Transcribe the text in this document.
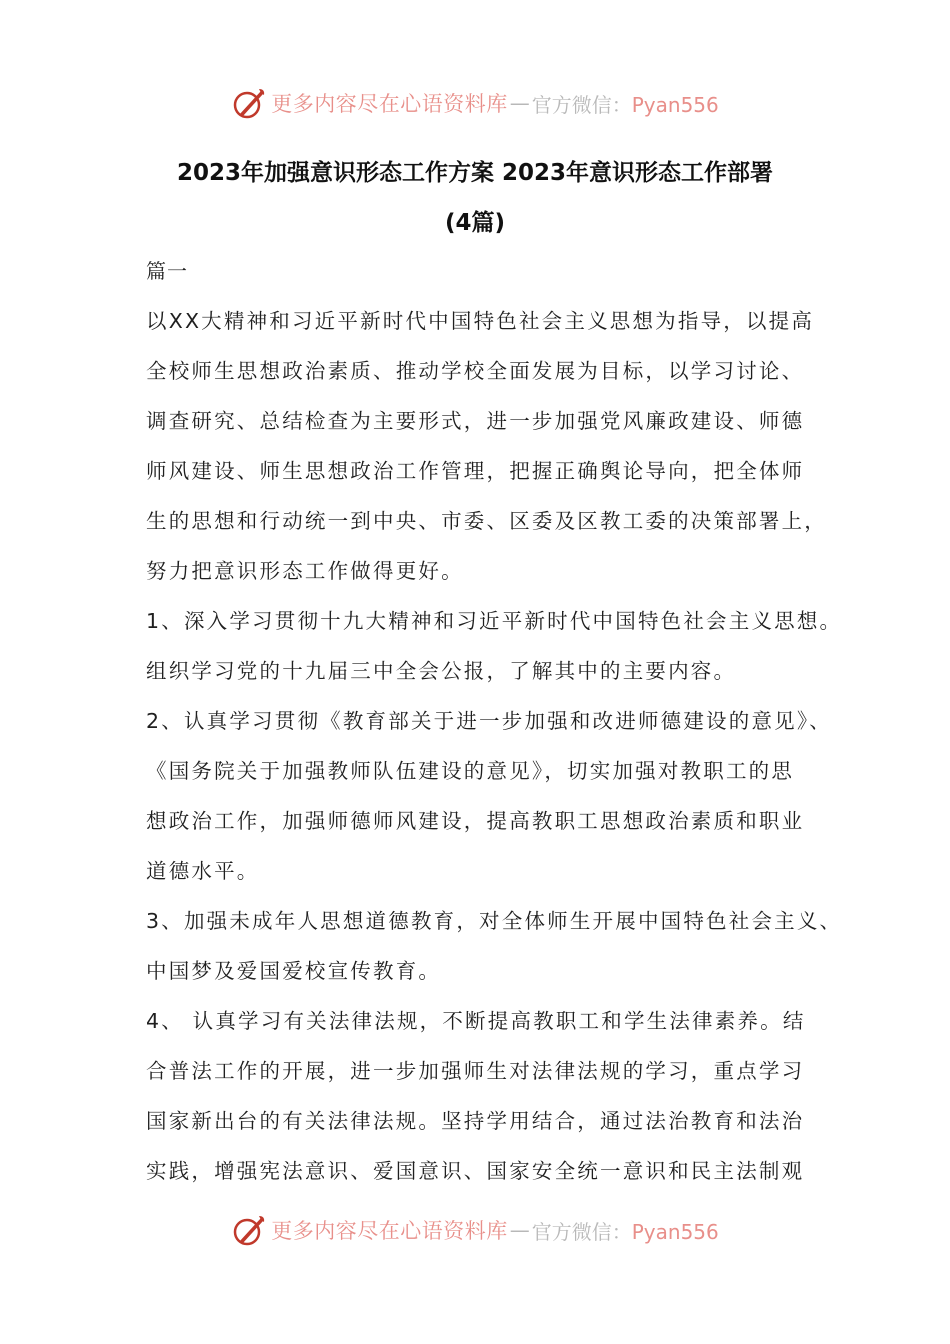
更多内容尽在心语资料库 — 官方微信：Pyan556
2023年加强意识形态工作方案 2023年意识形态工作部署
(4篇)
篇一
以XX大精神和习近平新时代中国特色社会主义思想为指导，以提高
全校师生思想政治素质、推动学校全面发展为目标，以学习讨论、
调查研究、总结检查为主要形式，进一步加强党风廉政建设、师德
师风建设、师生思想政治工作管理，把握正确舆论导向，把全体师
生的思想和行动统一到中央、市委、区委及区教工委的决策部署上，
努力把意识形态工作做得更好。
1、深入学习贯彻十九大精神和习近平新时代中国特色社会主义思想。
组织学习党的十九届三中全会公报，了解其中的主要内容。
2、认真学习贯彻《教育部关于进一步加强和改进师德建设的意见》、
《国务院关于加强教师队伍建设的意见》，切实加强对教职工的思
想政治工作，加强师德师风建设，提高教职工思想政治素质和职业
道德水平。
3、加强未成年人思想道德教育，对全体师生开展中国特色社会主义、
中国梦及爱国爱校宣传教育。
4、 认真学习有关法律法规，不断提高教职工和学生法律素养。结
合普法工作的开展，进一步加强师生对法律法规的学习，重点学习
国家新出台的有关法律法规。坚持学用结合，通过法治教育和法治
实践，增强宪法意识、爱国意识、国家安全统一意识和民主法制观
更多内容尽在心语资料库 — 官方微信：Pyan556
